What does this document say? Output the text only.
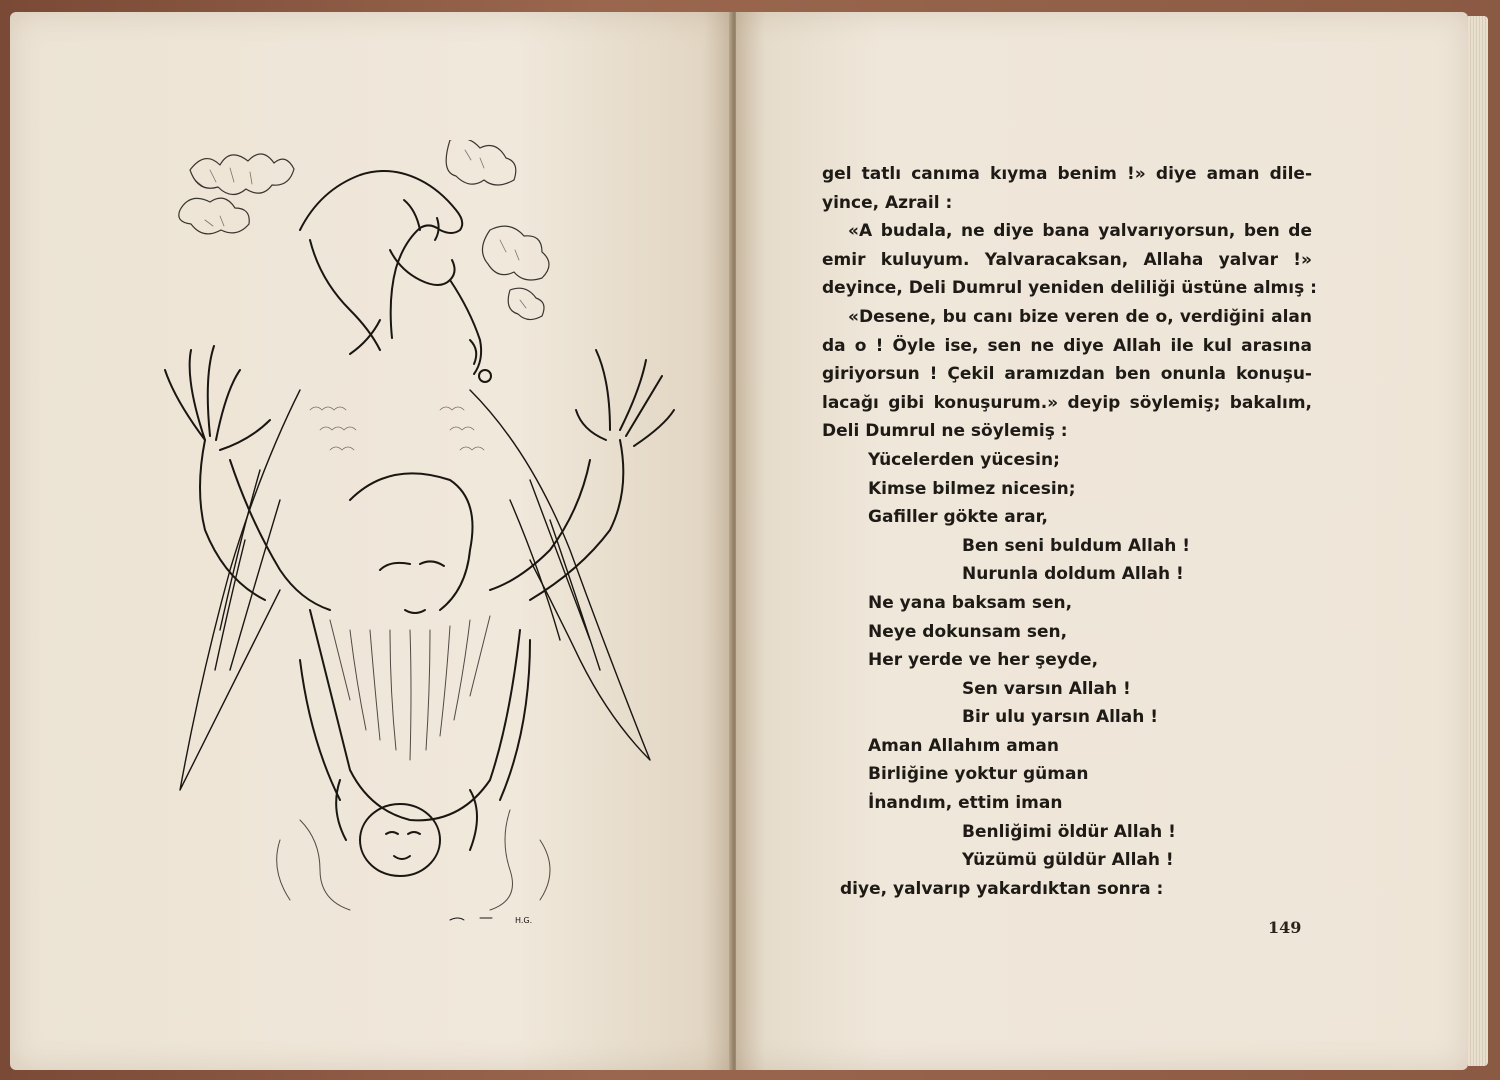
H.G.
gel tatlı canıma kıyma benim !» diye aman dile-
yince, Azrail :
«A budala, ne diye bana yalvarıyorsun, ben de
emir kuluyum. Yalvaracaksan, Allaha yalvar !»
deyince, Deli Dumrul yeniden deliliği üstüne almış :
«Desene, bu canı bize veren de o, verdiğini alan
da o ! Öyle ise, sen ne diye Allah ile kul arasına
giriyorsun ! Çekil aramızdan ben onunla konuşu-
lacağı gibi konuşurum.» deyip söylemiş; bakalım,
Deli Dumrul ne söylemiş :
Yücelerden yücesin;
Kimse bilmez nicesin;
Gafiller gökte arar,
Ben seni buldum Allah !
Nurunla doldum Allah !
Ne yana baksam sen,
Neye dokunsam sen,
Her yerde ve her şeyde,
Sen varsın Allah !
Bir ulu yarsın Allah !
Aman Allahım aman
Birliğine yoktur güman
İnandım, ettim iman
Benliğimi öldür Allah !
Yüzümü güldür Allah !
diye, yalvarıp yakardıktan sonra :
149
